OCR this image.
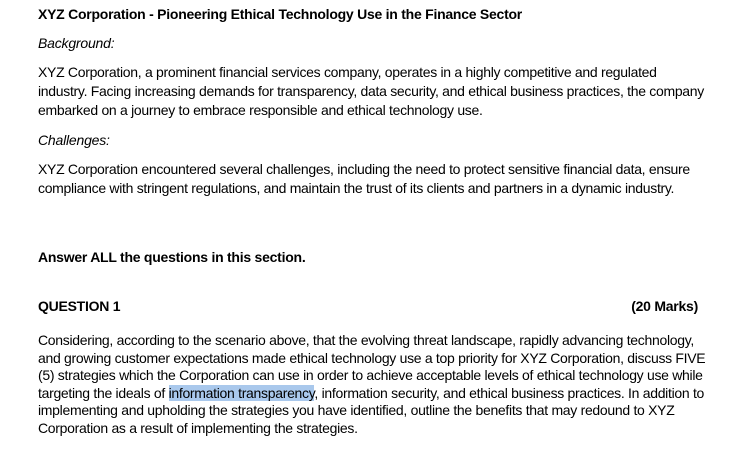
XYZ Corporation - Pioneering Ethical Technology Use in the Finance Sector

Background:

XYZ Corporation, a prominent financial services company, operates in a highly competitive and regulated industry. Facing increasing demands for transparency, data security, and ethical business practices, the company embarked on a journey to embrace responsible and ethical technology use.

Challenges:

XYZ Corporation encountered several challenges, including the need to protect sensitive financial data, ensure compliance with stringent regulations, and maintain the trust of its clients and partners in a dynamic industry.

Answer ALL the questions in this section.

QUESTION 1	(20 Marks)

Considering, according to the scenario above, that the evolving threat landscape, rapidly advancing technology, and growing customer expectations made ethical technology use a top priority for XYZ Corporation, discuss FIVE (5) strategies which the Corporation can use in order to achieve acceptable levels of ethical technology use while targeting the ideals of information transparency, information security, and ethical business practices. In addition to implementing and upholding the strategies you have identified, outline the benefits that may redound to XYZ Corporation as a result of implementing the strategies.
